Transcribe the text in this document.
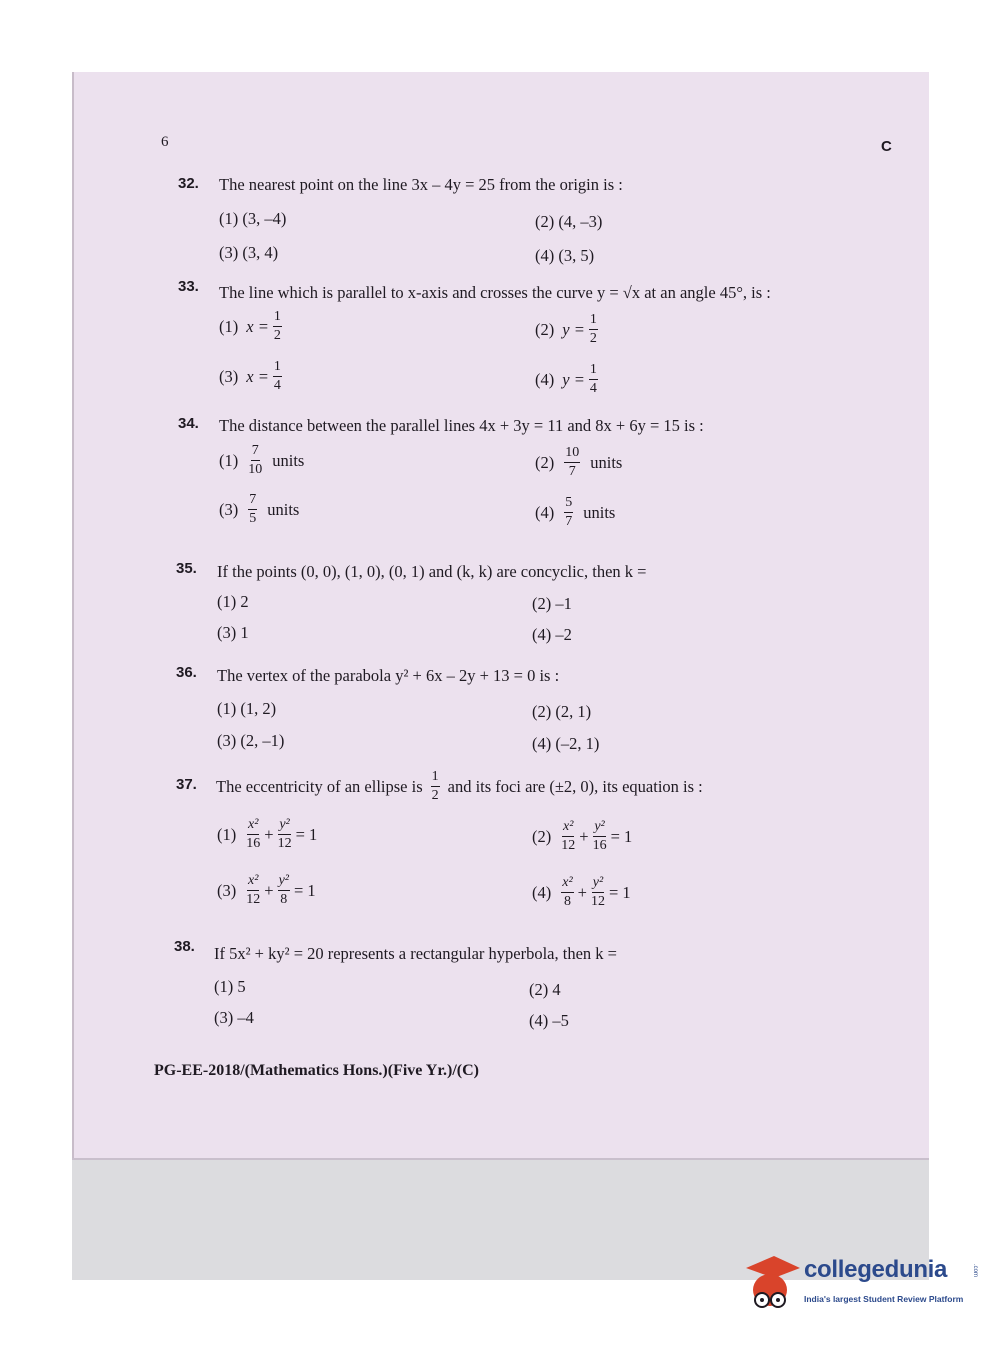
6	C
32. The nearest point on the line 3x – 4y = 25 from the origin is :
(1) (3, –4)	(2) (4, –3)
(3) (3, 4)	(4) (3, 5)
33. The line which is parallel to x-axis and crosses the curve y = √x at an angle 45°, is :
(1) $x = \frac{1}{2}$	(2) $y = \frac{1}{2}$
(3) $x = \frac{1}{4}$	(4) $y = \frac{1}{4}$
34. The distance between the parallel lines 4x + 3y = 11 and 8x + 6y = 15 is :
$(1) \frac{7}{10}$ units	$(2) \frac{10}{7}$ units
$(3) \frac{7}{5}$ units	$(4) \frac{5}{7}$ units
35. If the points (0, 0), (1, 0), (0, 1) and (k, k) are concyclic, then k =
(1) 2	(2) –1
(3) 1	(4) –2
36. The vertex of the parabola y² + 6x – 2y + 13 = 0 is :
(1) (1, 2)	(2) (2, 1)
(3) (2, –1)	(4) (–2, 1)
37. The eccentricity of an ellipse is $\frac{1}{2}$ and its foci are (±2, 0), its equation is :
$(1) \frac{\text{x²}}{16} + \frac{\text{y²}}{12} = 1$	$(2) \frac{\text{x²}}{12} + \frac{\text{y²}}{16} = 1$
$(3) \frac{\text{x²}}{12} + \frac{\text{y²}}{8} = 1$	$(4) \frac{\text{x²}}{8} + \frac{\text{y²}}{12} = 1$
38. If 5x² + ky² = 20 represents a rectangular hyperbola, then k =
(1) 5	(2) 4
(3) –4	(4) –5
PG-EE-2018/(Mathematics Hons.)(Five Yr.)/(C)
collegedunia	.com
India's largest Student Review Platform
